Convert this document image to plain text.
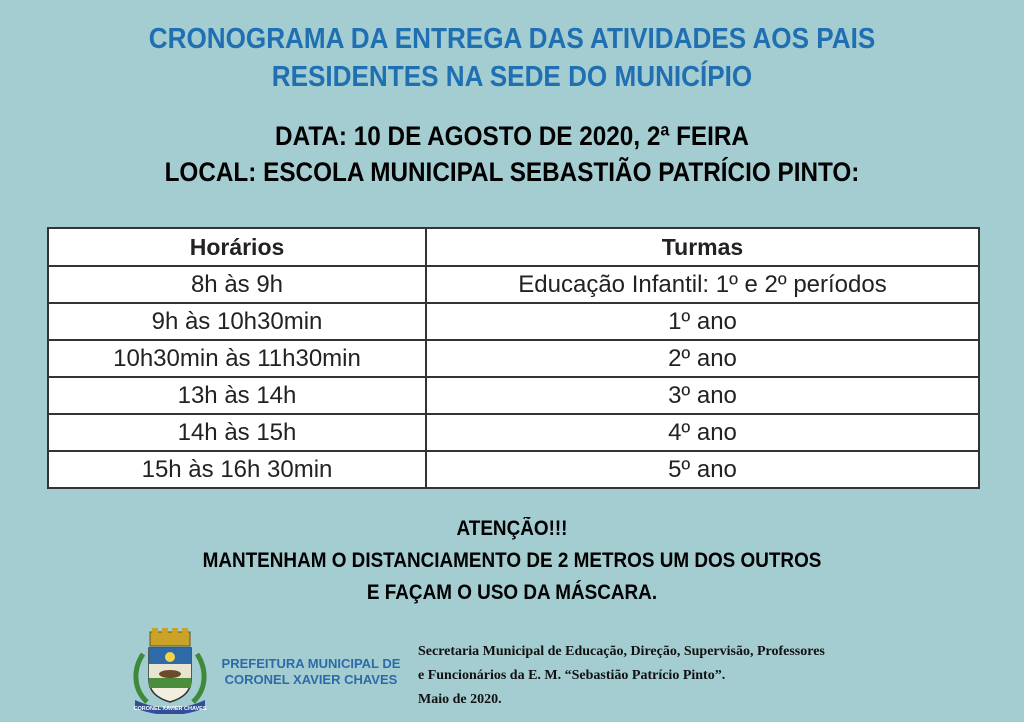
CRONOGRAMA DA ENTREGA DAS ATIVIDADES AOS PAIS
RESIDENTES NA SEDE DO MUNICÍPIO
DATA: 10 DE AGOSTO DE 2020, 2ª FEIRA
LOCAL: ESCOLA MUNICIPAL SEBASTIÃO PATRÍCIO PINTO:
Horários	Turmas
8h às 9h	Educação Infantil: 1º e 2º períodos
9h às 10h30min	1º ano
10h30min às 11h30min	2º ano
13h às 14h	3º ano
14h às 15h	4º ano
15h às 16h 30min	5º ano
ATENÇÃO!!!
MANTENHAM O DISTANCIAMENTO DE 2 METROS UM DOS OUTROS
E FAÇAM O USO DA MÁSCARA.
CORONEL XAVIER CHAVES
PREFEITURA MUNICIPAL DE
CORONEL XAVIER CHAVES
Secretaria Municipal de Educação, Direção, Supervisão, Professores
e Funcionários da E. M. “Sebastião Patrício Pinto”.
Maio de 2020.
